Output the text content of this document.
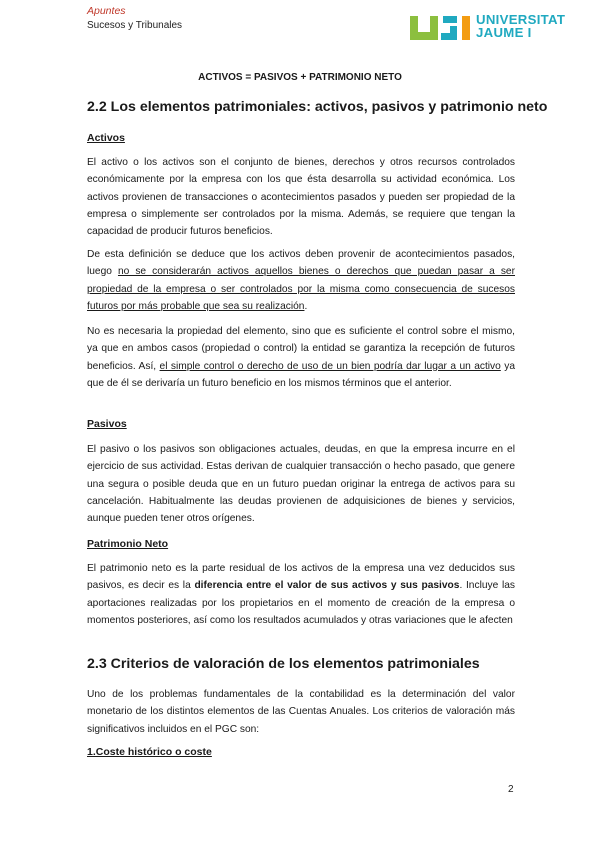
Apuntes
Sucesos y Tribunales	UNIVERSITAT
JAUME I
ACTIVOS = PASIVOS + PATRIMONIO NETO
2.2 Los elementos patrimoniales: activos, pasivos y patrimonio neto
Activos

El activo o los activos son el conjunto de bienes, derechos y otros recursos controlados económicamente por la empresa con los que ésta desarrolla su actividad económica. Los activos provienen de transacciones o acontecimientos pasados y pueden ser propiedad de la empresa o simplemente ser controlados por la misma. Además, se requiere que tengan la capacidad de producir futuros beneficios.

De esta definición se deduce que los activos deben provenir de acontecimientos pasados, luego no se considerarán activos aquellos bienes o derechos que puedan pasar a ser propiedad de la empresa o ser controlados por la misma como consecuencia de sucesos futuros por más probable que sea su realización.

No es necesaria la propiedad del elemento, sino que es suficiente el control sobre el mismo, ya que en ambos casos (propiedad o control) la entidad se garantiza la recepción de futuros beneficios. Así, el simple control o derecho de uso de un bien podría dar lugar a un activo ya que de él se derivaría un futuro beneficio en los mismos términos que el anterior.

Pasivos

El pasivo o los pasivos son obligaciones actuales, deudas, en que la empresa incurre en el ejercicio de sus actividad. Estas derivan de cualquier transacción o hecho pasado, que genere una segura o posible deuda que en un futuro puedan originar la entrega de activos para su cancelación. Habitualmente las deudas provienen de adquisiciones de bienes y servicios, aunque pueden tener otros orígenes.

Patrimonio Neto

El patrimonio neto es la parte residual de los activos de la empresa una vez deducidos sus pasivos, es decir es la diferencia entre el valor de sus activos y sus pasivos. Incluye las aportaciones realizadas por los propietarios en el momento de creación de la empresa o momentos posteriores, así como los resultados acumulados y otras variaciones que le afecten

2.3 Criterios de valoración de los elementos patrimoniales

Uno de los problemas fundamentales de la contabilidad es la determinación del valor monetario de los distintos elementos de las Cuentas Anuales. Los criterios de valoración más significativos incluidos en el PGC son:

1.Coste histórico o coste
2
